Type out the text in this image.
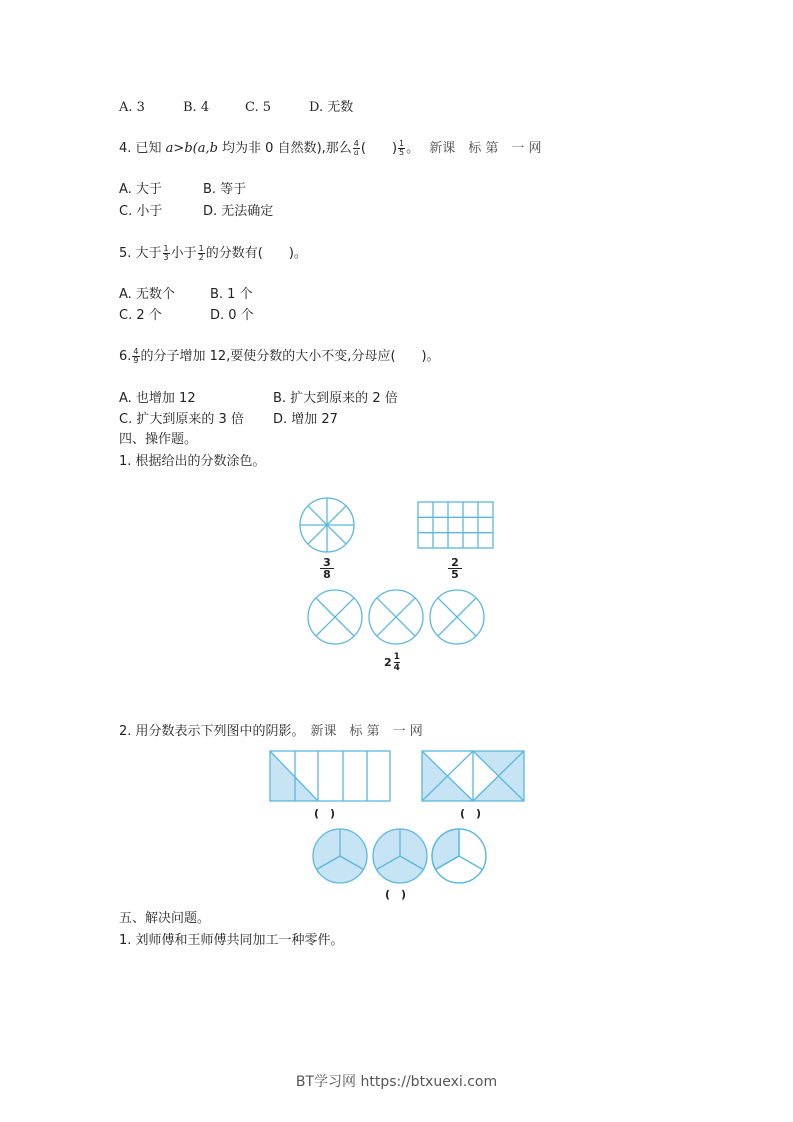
A. 3	B. 4	C. 5	D. 无数
4. 已知 a>b(a,b 均为非 0 自然数),那么 $\frac{4}{a}$ (　　) $\frac{1}{5}$ 。 新课　标 第　一 网
A. 大于	B. 等于
C. 小于	D. 无法确定
5. 大于 $\frac{1}{3}$ 小于 $\frac{1}{2}$ 的分数有(　　)。
A. 无数个	B. 1 个
C. 2 个	D. 0 个
6. $\frac{4}{9}$ 的分子增加 12,要使分数的大小不变,分母应(　　)。
A. 也增加 12	B. 扩大到原来的 2 倍
C. 扩大到原来的 3 倍 D. 增加 27
四、操作题。
1. 根据给出的分数涂色。
3
8
2
5
$2 \frac{1}{4}$
2. 用分数表示下列图中的阴影。 新课　标 第　一 网
(　)	(　)
(　)
五、解决问题。
1. 刘师傅和王师傅共同加工一种零件。
BT学习网 https://btxuexi.com
